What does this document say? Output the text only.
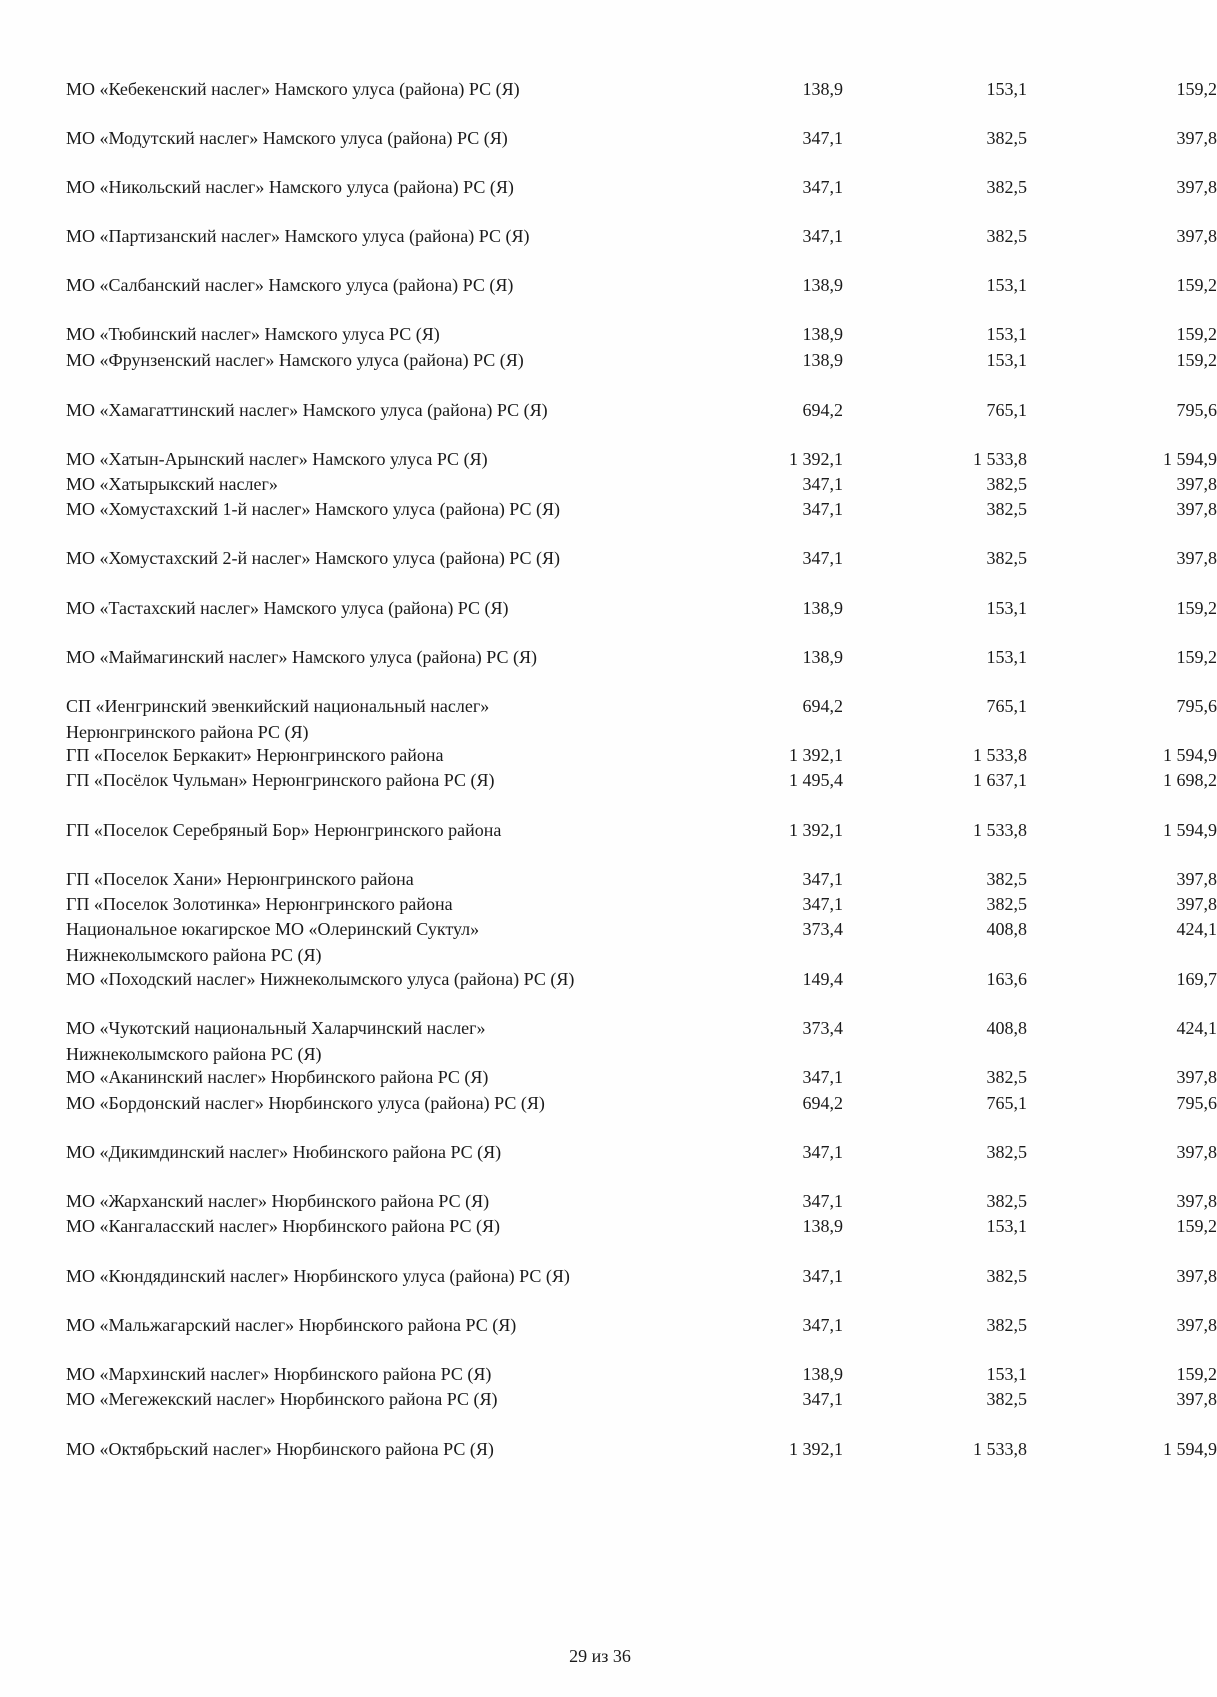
МО «Кебекенский наслег» Намского улуса (района) РС (Я)	138,9	153,1	159,2
МО «Модутский наслег» Намского улуса (района) РС (Я)	347,1	382,5	397,8
МО «Никольский наслег» Намского улуса (района) РС (Я)	347,1	382,5	397,8
МО «Партизанский наслег» Намского улуса (района) РС (Я)	347,1	382,5	397,8
МО «Салбанский наслег» Намского улуса (района) РС (Я)	138,9	153,1	159,2
МО «Тюбинский наслег» Намского улуса РС (Я)	138,9	153,1	159,2
МО «Фрунзенский наслег» Намского улуса (района) РС (Я)	138,9	153,1	159,2
МО «Хамагаттинский наслег» Намского улуса (района) РС (Я)	694,2	765,1	795,6
МО «Хатын-Арынский наслег» Намского улуса РС (Я)	1 392,1	1 533,8	1 594,9
МО «Хатырыкский наслег»	347,1	382,5	397,8
МО «Хомустахский 1-й наслег» Намского улуса (района) РС (Я)	347,1	382,5	397,8
МО «Хомустахский 2-й наслег» Намского улуса (района) РС (Я)	347,1	382,5	397,8
МО «Тастахский наслег» Намского улуса (района) РС (Я)	138,9	153,1	159,2
МО «Маймагинский наслег» Намского улуса (района) РС (Я)	138,9	153,1	159,2
СП «Иенгринский эвенкийский национальный наслег» Нерюнгринского района РС (Я)
694,2	765,1	795,6
ГП «Поселок Беркакит» Нерюнгринского района	1 392,1	1 533,8	1 594,9
ГП «Посёлок Чульман» Нерюнгринского района РС (Я)	1 495,4	1 637,1	1 698,2
ГП «Поселок Серебряный Бор» Нерюнгринского района	1 392,1	1 533,8	1 594,9
ГП «Поселок Хани» Нерюнгринского района	347,1	382,5	397,8
ГП «Поселок Золотинка» Нерюнгринского района	347,1	382,5	397,8
Национальное юкагирское МО «Олеринский Суктул» Нижнеколымского района РС (Я)
373,4	408,8	424,1
МО «Походский наслег» Нижнеколымского улуса (района) РС (Я)	149,4	163,6	169,7
МО «Чукотский национальный Халарчинский наслег» Нижнеколымского района РС (Я)
373,4	408,8	424,1
МО «Аканинский наслег» Нюрбинского района РС (Я)	347,1	382,5	397,8
МО «Бордонский наслег» Нюрбинского улуса (района) РС (Я)	694,2	765,1	795,6
МО «Дикимдинский наслег» Нюбинского района РС (Я)	347,1	382,5	397,8
МО «Жарханский наслег» Нюрбинского района РС (Я)	347,1	382,5	397,8
МО «Кангаласский наслег» Нюрбинского района РС (Я)	138,9	153,1	159,2
МО «Кюндядинский наслег» Нюрбинского улуса (района) РС (Я)	347,1	382,5	397,8
МО «Мальжагарский наслег» Нюрбинского района РС (Я)	347,1	382,5	397,8
МО «Мархинский наслег» Нюрбинского района РС (Я)	138,9	153,1	159,2
МО «Мегежекский наслег» Нюрбинского района РС (Я)	347,1	382,5	397,8
МО «Октябрьский наслег» Нюрбинского района РС (Я)	1 392,1	1 533,8	1 594,9
29 из 36
